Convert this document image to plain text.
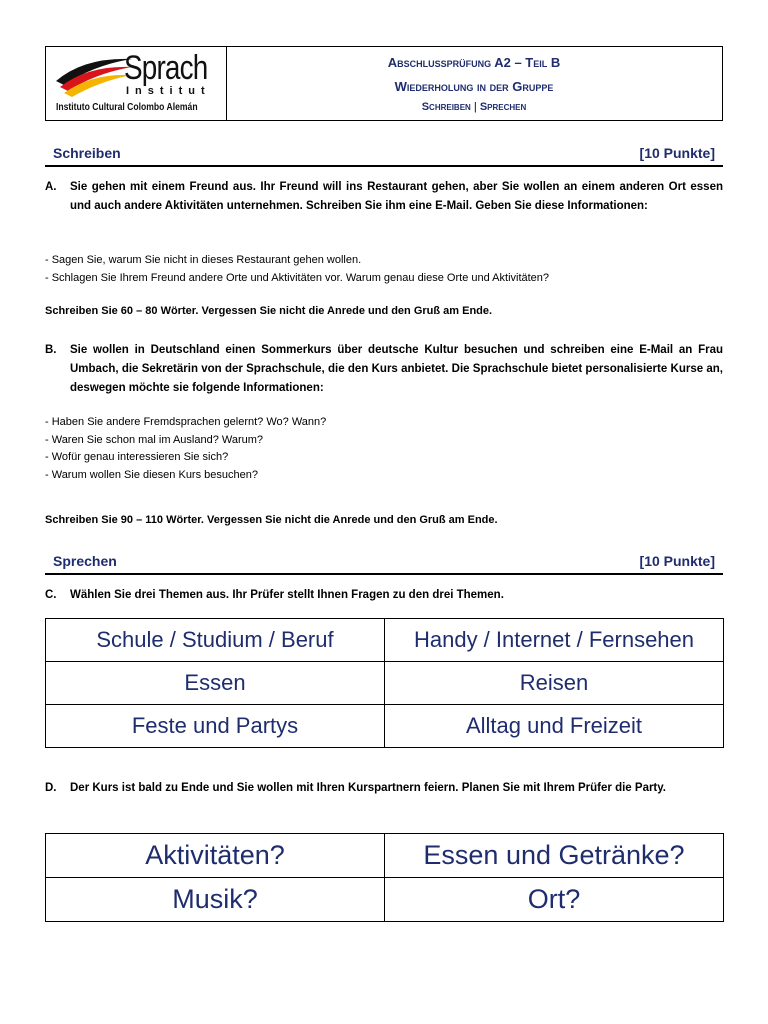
Sprach
Institut
Instituto Cultural Colombo Alemán
Abschlussprüfung A2 – Teil B
Wiederholung in der Gruppe
Schreiben | Sprechen
Schreiben	[10 Punkte]
A. Sie gehen mit einem Freund aus. Ihr Freund will ins Restaurant gehen, aber Sie wollen an einem anderen Ort essen und auch andere Aktivitäten unternehmen. Schreiben Sie ihm eine E-Mail. Geben Sie diese Informationen:
- Sagen Sie, warum Sie nicht in dieses Restaurant gehen wollen.
- Schlagen Sie Ihrem Freund andere Orte und Aktivitäten vor. Warum genau diese Orte und Aktivitäten?
Schreiben Sie 60 – 80 Wörter. Vergessen Sie nicht die Anrede und den Gruß am Ende.
B. Sie wollen in Deutschland einen Sommerkurs über deutsche Kultur besuchen und schreiben eine E-Mail an Frau Umbach, die Sekretärin von der Sprachschule, die den Kurs anbietet. Die Sprachschule bietet personalisierte Kurse an, deswegen möchte sie folgende Informationen:
- Haben Sie andere Fremdsprachen gelernt? Wo? Wann?
- Waren Sie schon mal im Ausland? Warum?
- Wofür genau interessieren Sie sich?
- Warum wollen Sie diesen Kurs besuchen?
Schreiben Sie 90 – 110 Wörter. Vergessen Sie nicht die Anrede und den Gruß am Ende.
Sprechen	[10 Punkte]
C. Wählen Sie drei Themen aus. Ihr Prüfer stellt Ihnen Fragen zu den drei Themen.
Schule / Studium / Beruf	Handy / Internet / Fernsehen
Essen	Reisen
Feste und Partys	Alltag und Freizeit
D. Der Kurs ist bald zu Ende und Sie wollen mit Ihren Kurspartnern feiern. Planen Sie mit Ihrem Prüfer die Party.
Aktivitäten?	Essen und Getränke?
Musik?	Ort?
